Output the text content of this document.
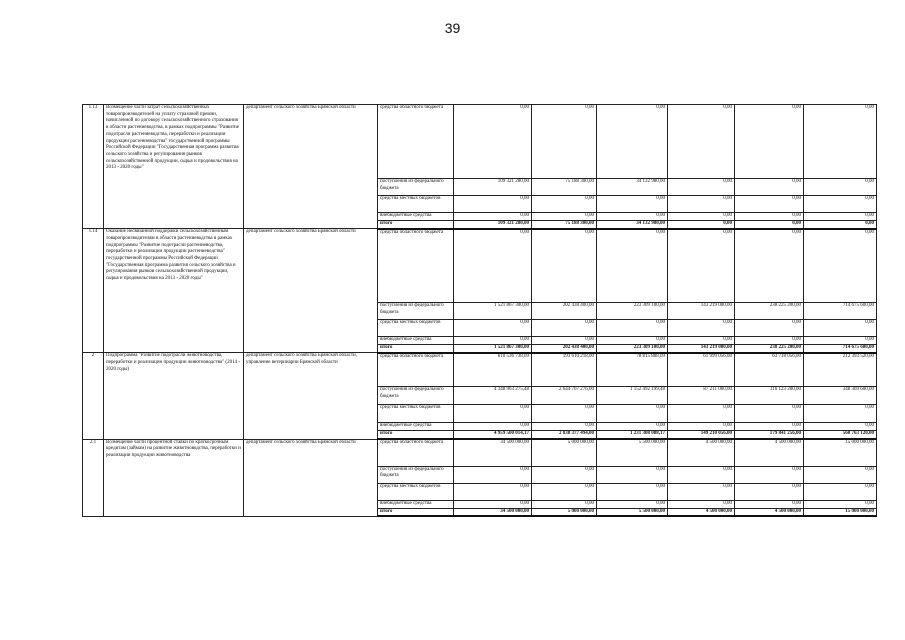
39
1.13	Возмещение части затрат сельскохозяйственных товаропроизводителей на уплату страховой премии, начисленной по договору сельскохозяйственного страхования в области растениеводства, в рамках подпрограммы "Развитие подотрасли растениеводства, переработки и реализации продукции растениеводства" государственной программы Российской Федерации "Государственная программа развития сельского хозяйства и регулирования рынков сельскохозяйственной продукции, сырья и продовольствия на 2013 - 2020 годы"	департамент сельского хозяйства Брянской области	средства областного бюджета	0,00	0,00	0,00	0,00	0,00	0,00
			поступления из федерального бюджета	109 321 280,00	75 188 300,00	34 132 980,00	0,00	0,00	0,00
			средства местных бюджетов	0,00	0,00	0,00	0,00	0,00	0,00
			внебюджетные средства	0,00	0,00	0,00	0,00	0,00	0,00
			итого	109 321 280,00	75 188 300,00	34 132 980,00	0,00	0,00	0,00
1.14	Оказание несвязанной поддержки сельскохозяйственным товаропроизводителям в области растениеводства в рамках подпрограммы "Развитие подотрасли растениеводства, переработки и реализации продукции растениеводства" государственной программы Российской Федерации "Государственная программа развития сельского хозяйства и регулирования рынков сельскохозяйственной продукции, сырья и продовольствия на 2013 - 2020 годы"	департамент сельского хозяйства Брянской области	средства областного бюджета	0,00	0,00	0,00	0,00	0,00	0,00
			поступления из федерального бюджета	1 521 867 300,00	202 438 400,00	223 309 100,00	143 219 000,00	238 225 200,00	714 675 600,00
			средства местных бюджетов	0,00	0,00	0,00	0,00	0,00	0,00
			внебюджетные средства	0,00	0,00	0,00	0,00	0,00	0,00
			итого	1 521 867 300,00	202 438 400,00	223 309 100,00	143 219 000,00	238 225 200,00	714 675 600,00
2	Подпрограмма "Развитие подотрасли животноводства, переработки и реализации продукции животноводства" (2014 - 2020 годы)	департамент сельского хозяйства Брянской области, управление ветеринарии Брянской области	средства областного бюджета	610 536 738,69	193 610 218,00	78 815 888,69	61 999 056,00	63 718 056,00	212 393 520,00
			поступления из федерального бюджета	4 348 963 275,48	2 644 767 276,00	1 152 492 199,48	87 211 000,00	116 123 200,00	348 369 600,00
			средства местных бюджетов	0,00	0,00	0,00	0,00	0,00	0,00
			внебюджетные средства	0,00	0,00	0,00	0,00	0,00	0,00
			итого	4 959 500 014,17	2 838 377 494,00	1 231 308 088,17	149 210 056,00	179 841 256,00	560 763 120,00
2.1	Возмещение части процентной ставки по краткосрочным кредитам (займам) на развитие животноводства, переработки и реализации продукции животноводства	департамент сельского хозяйства Брянской области	средства областного бюджета	34 500 000,00	5 000 000,00	5 500 000,00	4 500 000,00	4 500 000,00	15 000 000,00
			поступления из федерального бюджета	0,00	0,00	0,00	0,00	0,00	0,00
			средства местных бюджетов	0,00	0,00	0,00	0,00	0,00	0,00
			внебюджетные средства	0,00	0,00	0,00	0,00	0,00	0,00
			итого	34 500 000,00	5 000 000,00	5 500 000,00	4 500 000,00	4 500 000,00	15 000 000,00
